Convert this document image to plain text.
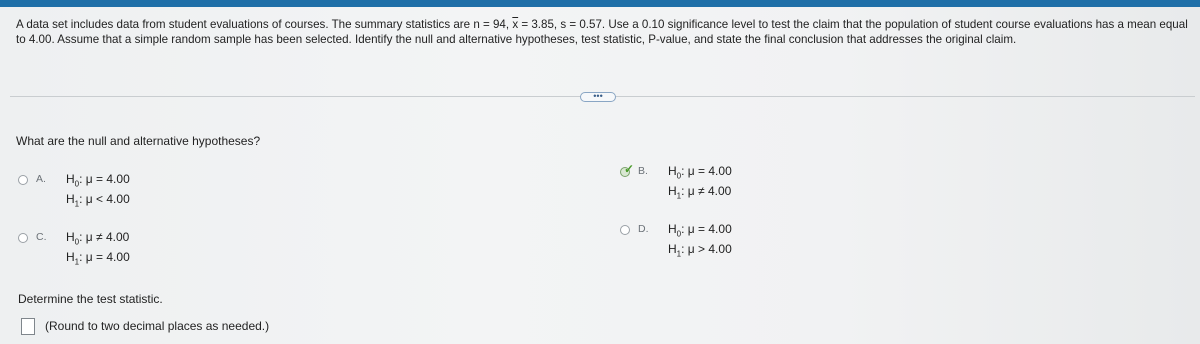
A data set includes data from student evaluations of courses. The summary statistics are n = 94, $\overline{x} = 3.85$, s = 0.57. Use a 0.10 significance level to test the claim that the population of student course evaluations has a mean equal to 4.00. Assume that a simple random sample has been selected. Identify the null and alternative hypotheses, test statistic, P-value, and state the final conclusion that addresses the original claim.
•••
What are the null and alternative hypotheses?
A. $H_0$: μ = 4.00
$H_1$: μ < 4.00
✓ B. $H_0$: μ = 4.00
$H_1$: μ ≠ 4.00
C. $H_0$: μ ≠ 4.00
$H_1$: μ = 4.00
D. $H_0$: μ = 4.00
$H_1$: μ > 4.00
Determine the test statistic.
(Round to two decimal places as needed.)
